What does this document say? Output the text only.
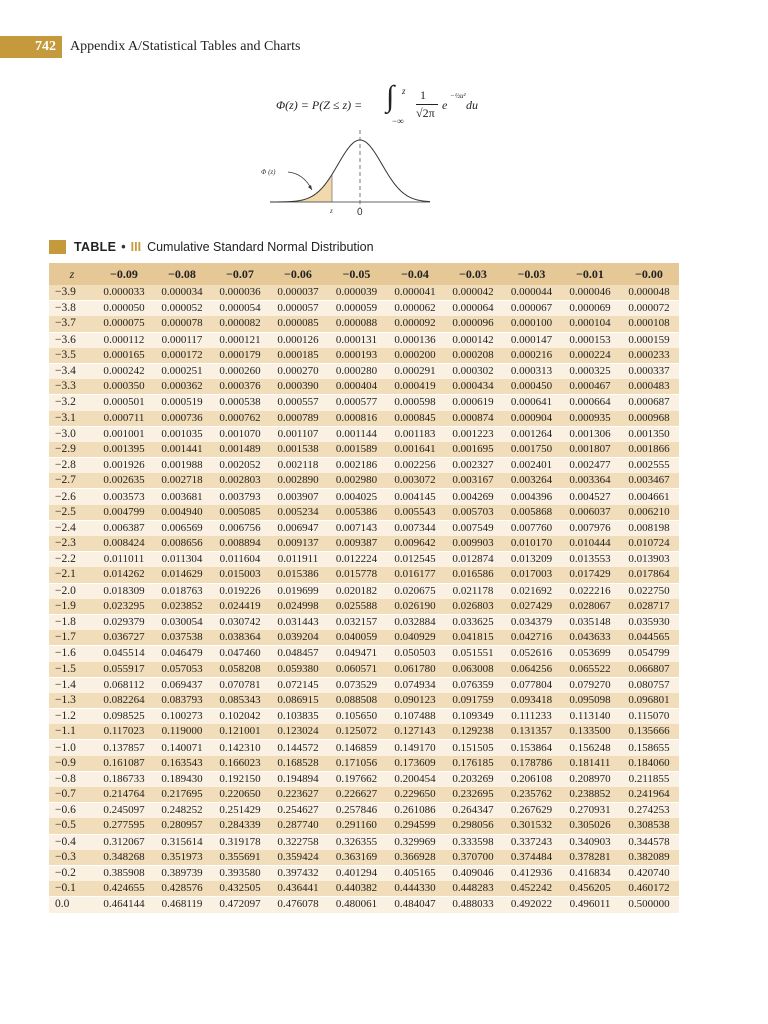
742 Appendix A/Statistical Tables and Charts
Φ(z) = P(Z ≤ z) = ∫ z
−∞
1
√2π
e
−½u²
du
Φ (z)
z 0
TABLE • III Cumulative Standard Normal Distribution
z	−0.09	−0.08	−0.07	−0.06	−0.05	−0.04	−0.03	−0.03	−0.01	−0.00
−3.9	0.000033	0.000034	0.000036	0.000037	0.000039	0.000041	0.000042	0.000044	0.000046	0.000048
−3.8	0.000050	0.000052	0.000054	0.000057	0.000059	0.000062	0.000064	0.000067	0.000069	0.000072
−3.7	0.000075	0.000078	0.000082	0.000085	0.000088	0.000092	0.000096	0.000100	0.000104	0.000108
−3.6	0.000112	0.000117	0.000121	0.000126	0.000131	0.000136	0.000142	0.000147	0.000153	0.000159
−3.5	0.000165	0.000172	0.000179	0.000185	0.000193	0.000200	0.000208	0.000216	0.000224	0.000233
−3.4	0.000242	0.000251	0.000260	0.000270	0.000280	0.000291	0.000302	0.000313	0.000325	0.000337
−3.3	0.000350	0.000362	0.000376	0.000390	0.000404	0.000419	0.000434	0.000450	0.000467	0.000483
−3.2	0.000501	0.000519	0.000538	0.000557	0.000577	0.000598	0.000619	0.000641	0.000664	0.000687
−3.1	0.000711	0.000736	0.000762	0.000789	0.000816	0.000845	0.000874	0.000904	0.000935	0.000968
−3.0	0.001001	0.001035	0.001070	0.001107	0.001144	0.001183	0.001223	0.001264	0.001306	0.001350
−2.9	0.001395	0.001441	0.001489	0.001538	0.001589	0.001641	0.001695	0.001750	0.001807	0.001866
−2.8	0.001926	0.001988	0.002052	0.002118	0.002186	0.002256	0.002327	0.002401	0.002477	0.002555
−2.7	0.002635	0.002718	0.002803	0.002890	0.002980	0.003072	0.003167	0.003264	0.003364	0.003467
−2.6	0.003573	0.003681	0.003793	0.003907	0.004025	0.004145	0.004269	0.004396	0.004527	0.004661
−2.5	0.004799	0.004940	0.005085	0.005234	0.005386	0.005543	0.005703	0.005868	0.006037	0.006210
−2.4	0.006387	0.006569	0.006756	0.006947	0.007143	0.007344	0.007549	0.007760	0.007976	0.008198
−2.3	0.008424	0.008656	0.008894	0.009137	0.009387	0.009642	0.009903	0.010170	0.010444	0.010724
−2.2	0.011011	0.011304	0.011604	0.011911	0.012224	0.012545	0.012874	0.013209	0.013553	0.013903
−2.1	0.014262	0.014629	0.015003	0.015386	0.015778	0.016177	0.016586	0.017003	0.017429	0.017864
−2.0	0.018309	0.018763	0.019226	0.019699	0.020182	0.020675	0.021178	0.021692	0.022216	0.022750
−1.9	0.023295	0.023852	0.024419	0.024998	0.025588	0.026190	0.026803	0.027429	0.028067	0.028717
−1.8	0.029379	0.030054	0.030742	0.031443	0.032157	0.032884	0.033625	0.034379	0.035148	0.035930
−1.7	0.036727	0.037538	0.038364	0.039204	0.040059	0.040929	0.041815	0.042716	0.043633	0.044565
−1.6	0.045514	0.046479	0.047460	0.048457	0.049471	0.050503	0.051551	0.052616	0.053699	0.054799
−1.5	0.055917	0.057053	0.058208	0.059380	0.060571	0.061780	0.063008	0.064256	0.065522	0.066807
−1.4	0.068112	0.069437	0.070781	0.072145	0.073529	0.074934	0.076359	0.077804	0.079270	0.080757
−1.3	0.082264	0.083793	0.085343	0.086915	0.088508	0.090123	0.091759	0.093418	0.095098	0.096801
−1.2	0.098525	0.100273	0.102042	0.103835	0.105650	0.107488	0.109349	0.111233	0.113140	0.115070
−1.1	0.117023	0.119000	0.121001	0.123024	0.125072	0.127143	0.129238	0.131357	0.133500	0.135666
−1.0	0.137857	0.140071	0.142310	0.144572	0.146859	0.149170	0.151505	0.153864	0.156248	0.158655
−0.9	0.161087	0.163543	0.166023	0.168528	0.171056	0.173609	0.176185	0.178786	0.181411	0.184060
−0.8	0.186733	0.189430	0.192150	0.194894	0.197662	0.200454	0.203269	0.206108	0.208970	0.211855
−0.7	0.214764	0.217695	0.220650	0.223627	0.226627	0.229650	0.232695	0.235762	0.238852	0.241964
−0.6	0.245097	0.248252	0.251429	0.254627	0.257846	0.261086	0.264347	0.267629	0.270931	0.274253
−0.5	0.277595	0.280957	0.284339	0.287740	0.291160	0.294599	0.298056	0.301532	0.305026	0.308538
−0.4	0.312067	0.315614	0.319178	0.322758	0.326355	0.329969	0.333598	0.337243	0.340903	0.344578
−0.3	0.348268	0.351973	0.355691	0.359424	0.363169	0.366928	0.370700	0.374484	0.378281	0.382089
−0.2	0.385908	0.389739	0.393580	0.397432	0.401294	0.405165	0.409046	0.412936	0.416834	0.420740
−0.1	0.424655	0.428576	0.432505	0.436441	0.440382	0.444330	0.448283	0.452242	0.456205	0.460172
0.0	0.464144	0.468119	0.472097	0.476078	0.480061	0.484047	0.488033	0.492022	0.496011	0.500000
